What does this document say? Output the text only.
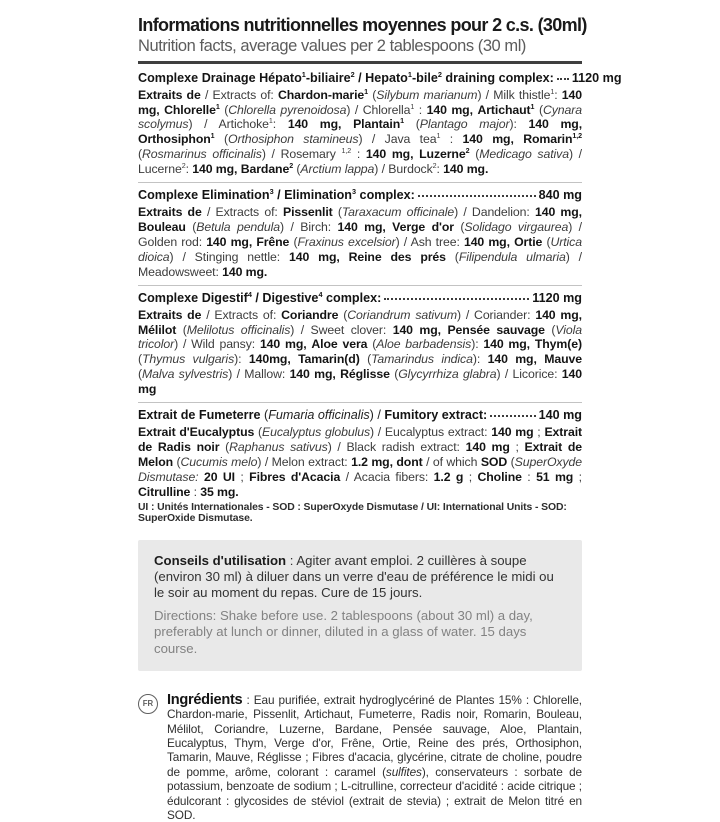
Informations nutritionnelles moyennes pour 2 c.s. (30ml)
Nutrition facts, average values per 2 tablespoons (30 ml)
Complexe Drainage Hépato$^1$-biliaire$^2$ / Hepato$^1$-bile$^2$ draining complex: 1120 mg
Extraits de / Extracts of: Chardon-marie$^1$ (Silybum marianum) / Milk thistle$^1$: 140 mg, Chlorelle$^1$ (Chlorella pyrenoidosa) / Chlorella$^1$ : 140 mg, Artichaut$^1$ (Cynara scolymus) / Artichoke$^1$: 140 mg, Plantain$^1$ (Plantago major): 140 mg, Orthosiphon$^1$ (Orthosiphon stamineus) / Java tea$^1$ : 140 mg, Romarin$^{1,2}$ (Rosmarinus officinalis) / Rosemary $^{1,2}$ : 140 mg, Luzerne$^2$ (Medicago sativa) / Lucerne$^2$: 140 mg, Bardane$^2$ (Arctium lappa) / Burdock$^2$: 140 mg.
Complexe Elimination$^3$ / Elimination$^3$ complex:	840 mg
Extraits de / Extracts of: Pissenlit (Taraxacum officinale) / Dandelion: 140 mg, Bouleau (Betula pendula) / Birch: 140 mg, Verge d'or (Solidago virgaurea) / Golden rod: 140 mg, Frêne (Fraxinus excelsior) / Ash tree: 140 mg, Ortie (Urtica dioica) / Stinging nettle: 140 mg, Reine des prés (Filipendula ulmaria) / Meadowsweet: 140 mg.
Complexe Digestif$^4$ / Digestive$^4$ complex:	1120 mg
Extraits de / Extracts of: Coriandre (Coriandrum sativum) / Coriander: 140 mg, Mélilot (Melilotus officinalis) / Sweet clover: 140 mg, Pensée sauvage (Viola tricolor) / Wild pansy: 140 mg, Aloe vera (Aloe barbadensis): 140 mg, Thym(e) (Thymus vulgaris): 140mg, Tamarin(d) (Tamarindus indica): 140 mg, Mauve (Malva sylvestris) / Mallow: 140 mg, Réglisse (Glycyrrhiza glabra) / Licorice: 140 mg
Extrait de Fumeterre (Fumaria officinalis) / Fumitory extract:	140 mg
Extrait d'Eucalyptus (Eucalyptus globulus) / Eucalyptus extract: 140 mg ; Extrait de Radis noir (Raphanus sativus) / Black radish extract: 140 mg ; Extrait de Melon (Cucumis melo) / Melon extract: 1.2 mg, dont / of which SOD (SuperOxyde Dismutase: 20 UI ; Fibres d'Acacia / Acacia fibers: 1.2 g ; Choline : 51 mg ; Citrulline : 35 mg.
UI : Unités Internationales - SOD : SuperOxyde Dismutase / UI: International Units - SOD: SuperOxide Dismutase.
Conseils d'utilisation : Agiter avant emploi. 2 cuillères à soupe (environ 30 ml) à diluer dans un verre d'eau de préférence le midi ou le soir au moment du repas. Cure de 15 jours.
Directions: Shake before use. 2 tablespoons (about 30 ml) a day, preferably at lunch or dinner, diluted in a glass of water. 15 days course.
FR Ingrédients : Eau purifiée, extrait hydroglycériné de Plantes 15% : Chlorelle, Chardon-marie, Pissenlit, Artichaut, Fumeterre, Radis noir, Romarin, Bouleau, Mélilot, Coriandre, Luzerne, Bardane, Pensée sauvage, Aloe, Plantain, Eucalyptus, Thym, Verge d'or, Frêne, Ortie, Reine des prés, Orthosiphon, Tamarin, Mauve, Réglisse ; Fibres d'acacia, glycérine, citrate de choline, poudre de pomme, arôme, colorant : caramel (sulfites), conservateurs : sorbate de potassium, benzoate de sodium ; L-citrulline, correcteur d'acidité : acide citrique ; édulcorant : glycosides de stéviol (extrait de stevia) ; extrait de Melon titré en SOD.
